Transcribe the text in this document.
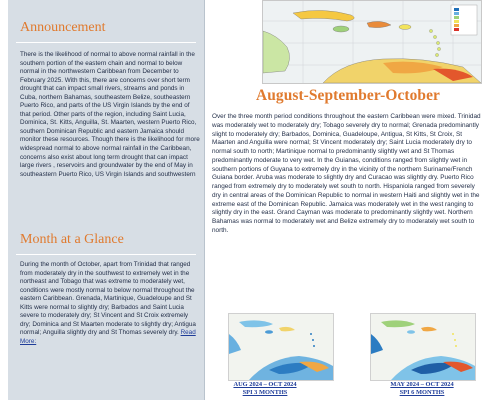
Announcement

There is the likelihood of normal to above normal rainfall in the southern portion of the eastern chain and normal to below normal in the northwestern Caribbean from December to February 2025. With this, there are concerns over short term drought that can impact small rivers, streams and ponds in Cuba, northern Bahamas, southeastern Belize, southeastern Puerto Rico, and parts of the US Virgin Islands by the end of that period. Other parts of the region, including Saint Lucia, Dominica, St. Kitts, Anguilla, St. Maarten, western Puerto Rico, southern Dominican Republic and eastern Jamaica should monitor these resources. Though there is the likelihood for more widespread normal to above normal rainfall in the Caribbean, concerns also exist about long term drought that can impact large rivers , reservoirs and groundwater by the end of May in southeastern Puerto Rico, US Virgin Islands and southwestern

Month at a Glance

During the month of October, apart from Trinidad that ranged from moderately dry in the southwest to extremely wet in the northeast and Tobago that was extreme to moderately wet, conditions were mostly normal to below normal throughout the eastern Caribbean. Grenada, Martinique, Guadeloupe and St Kitts were normal to slightly dry; Barbados and Saint Lucia severe to moderately dry; St Vincent and St Croix extremely dry; Dominica and St Maarten moderate to slightly dry; Antigua normal; Anguilla slightly dry and St Thomas severely dry. Read More:

August-September-October

Over the three month period conditions throughout the eastern Caribbean were mixed. Trinidad was moderately wet to moderately dry; Tobago severely dry to normal; Grenada predominantly slight to moderately dry; Barbados, Dominica, Guadeloupe, Antigua, St Kitts, St Croix, St Maarten and Anguilla were normal; St Vincent moderately dry; Saint Lucia moderately dry to normal south to north; Martinique normal to predominantly slightly wet and St Thomas predominantly moderate to very wet. In the Guianas, conditions ranged from slightly wet in southern portions of Guyana to extremely dry in the vicinity of the northern Suriname/French Guiana border. Aruba was moderate to slightly dry and Curacao was slightly dry. Puerto Rico ranged from extremely dry to moderately wet south to north. Hispaniola ranged from severely dry in central areas of the Dominican Republic to normal in western Haiti and slightly wet in the extreme east of the Dominican Republic. Jamaica was moderately wet in the west ranging to slightly dry in the east. Grand Cayman was moderate to predominantly slightly wet. Northern Bahamas was normal to moderately wet and Belize extremely dry to moderately wet south to north.

AUG 2024 – OCT 2024
SPI 3 MONTHS

MAY 2024 – OCT 2024
SPI 6 MONTHS
